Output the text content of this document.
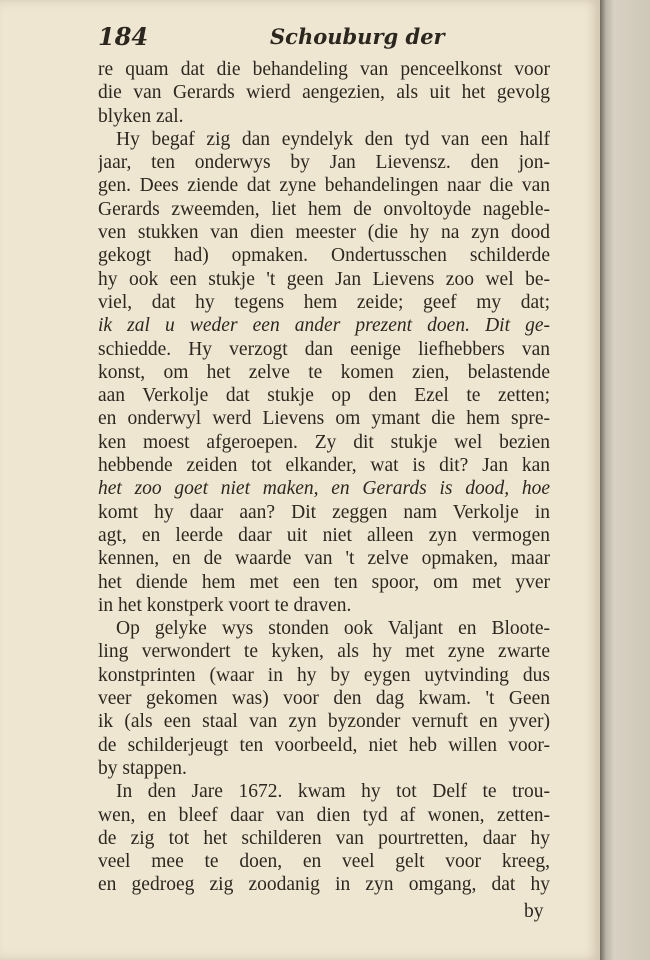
184	Schouburg der
re quam dat die behandeling van penceelkonst voor
die van Gerards wierd aengezien, als uit het gevolg
blyken zal.
Hy begaf zig dan eyndelyk den tyd van een half
jaar, ten onderwys by Jan Lievensz. den jon-
gen. Dees ziende dat zyne behandelingen naar die van
Gerards zweemden, liet hem de onvoltoyde nageble-
ven stukken van dien meester (die hy na zyn dood
gekogt had) opmaken. Ondertusschen schilderde
hy ook een stukje 't geen Jan Lievens zoo wel be-
viel, dat hy tegens hem zeide; geef my dat;
ik zal u weder een ander prezent doen. Dit ge-
schiedde. Hy verzogt dan eenige liefhebbers van
konst, om het zelve te komen zien, belastende
aan Verkolje dat stukje op den Ezel te zetten;
en onderwyl werd Lievens om ymant die hem spre-
ken moest afgeroepen. Zy dit stukje wel bezien
hebbende zeiden tot elkander, wat is dit? Jan kan
het zoo goet niet maken, en Gerards is dood, hoe
komt hy daar aan? Dit zeggen nam Verkolje in
agt, en leerde daar uit niet alleen zyn vermogen
kennen, en de waarde van 't zelve opmaken, maar
het diende hem met een ten spoor, om met yver
in het konstperk voort te draven.
Op gelyke wys stonden ook Valjant en Bloote-
ling verwondert te kyken, als hy met zyne zwarte
konstprinten (waar in hy by eygen uytvinding dus
veer gekomen was) voor den dag kwam. 't Geen
ik (als een staal van zyn byzonder vernuft en yver)
de schilderjeugt ten voorbeeld, niet heb willen voor-
by stappen.
In den Jare 1672. kwam hy tot Delf te trou-
wen, en bleef daar van dien tyd af wonen, zetten-
de zig tot het schilderen van pourtretten, daar hy
veel mee te doen, en veel gelt voor kreeg,
en gedroeg zig zoodanig in zyn omgang, dat hy
by
